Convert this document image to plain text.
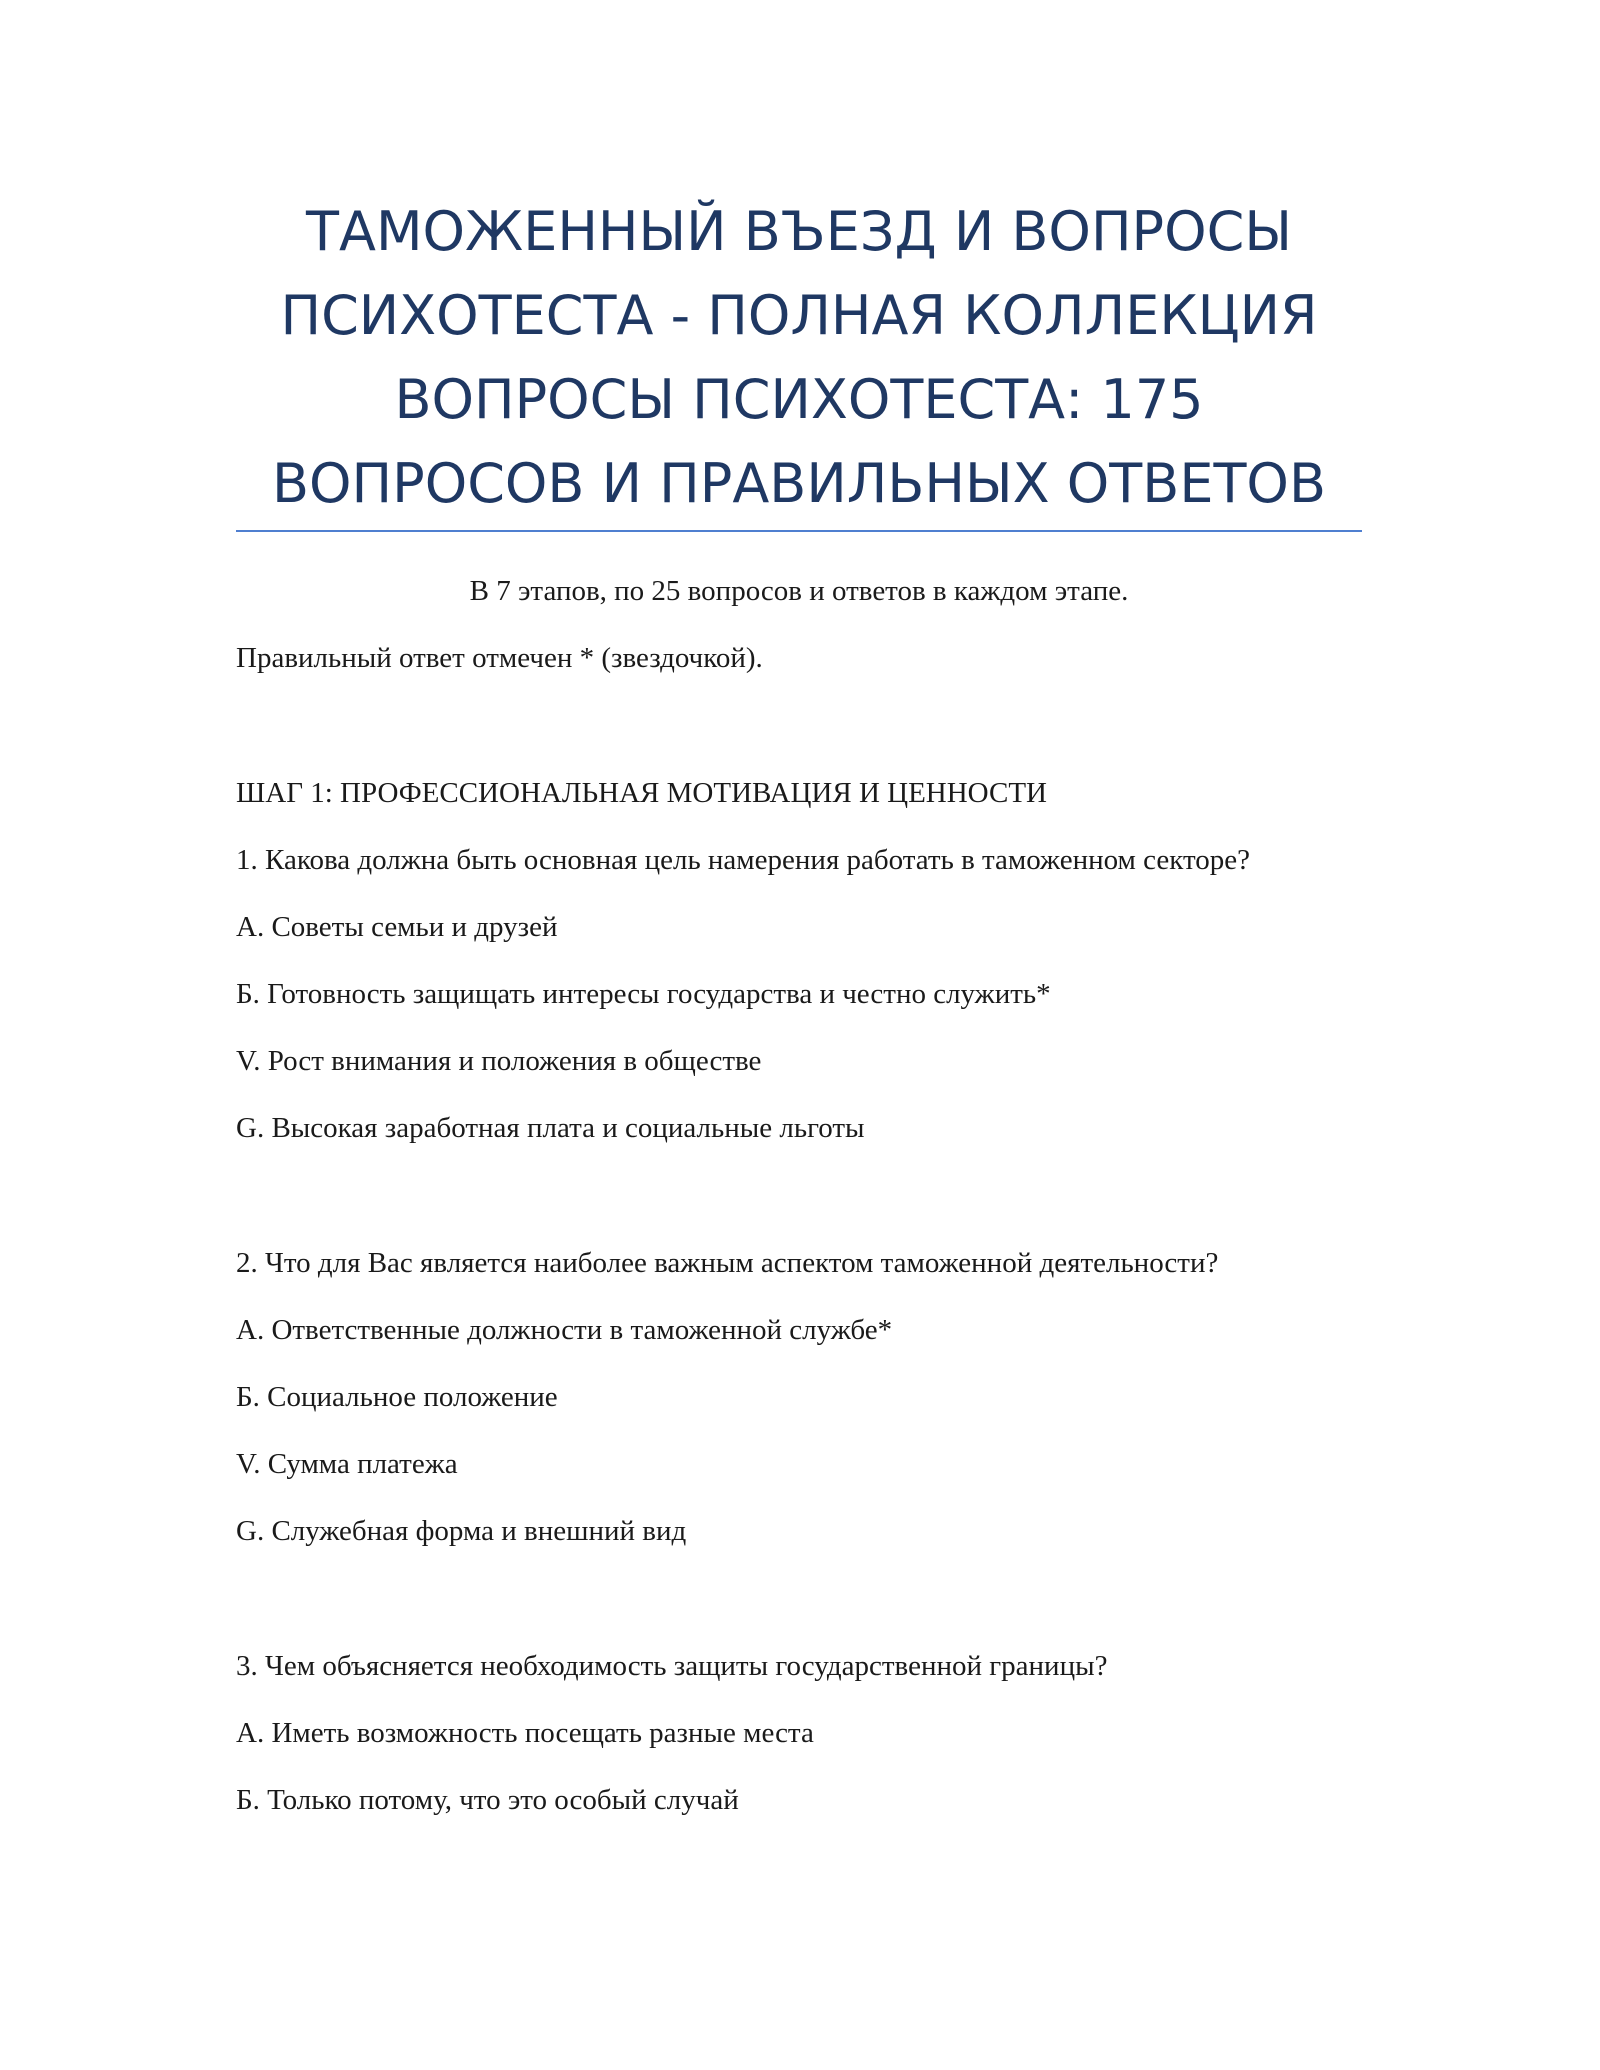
ТАМОЖЕННЫЙ ВЪЕЗД И ВОПРОСЫ
ПСИХОТЕСТА - ПОЛНАЯ КОЛЛЕКЦИЯ
ВОПРОСЫ ПСИХОТЕСТА: 175
ВОПРОСОВ И ПРАВИЛЬНЫХ ОТВЕТОВ

В 7 этапов, по 25 вопросов и ответов в каждом этапе.

Правильный ответ отмечен * (звездочкой).

ШАГ 1: ПРОФЕССИОНАЛЬНАЯ МОТИВАЦИЯ И ЦЕННОСТИ

1. Какова должна быть основная цель намерения работать в таможенном секторе?

А. Советы семьи и друзей

Б. Готовность защищать интересы государства и честно служить*

V. Рост внимания и положения в обществе

G. Высокая заработная плата и социальные льготы

2. Что для Вас является наиболее важным аспектом таможенной деятельности?

А. Ответственные должности в таможенной службе*

Б. Социальное положение

V. Сумма платежа

G. Служебная форма и внешний вид

3. Чем объясняется необходимость защиты государственной границы?

А. Иметь возможность посещать разные места

Б. Только потому, что это особый случай
